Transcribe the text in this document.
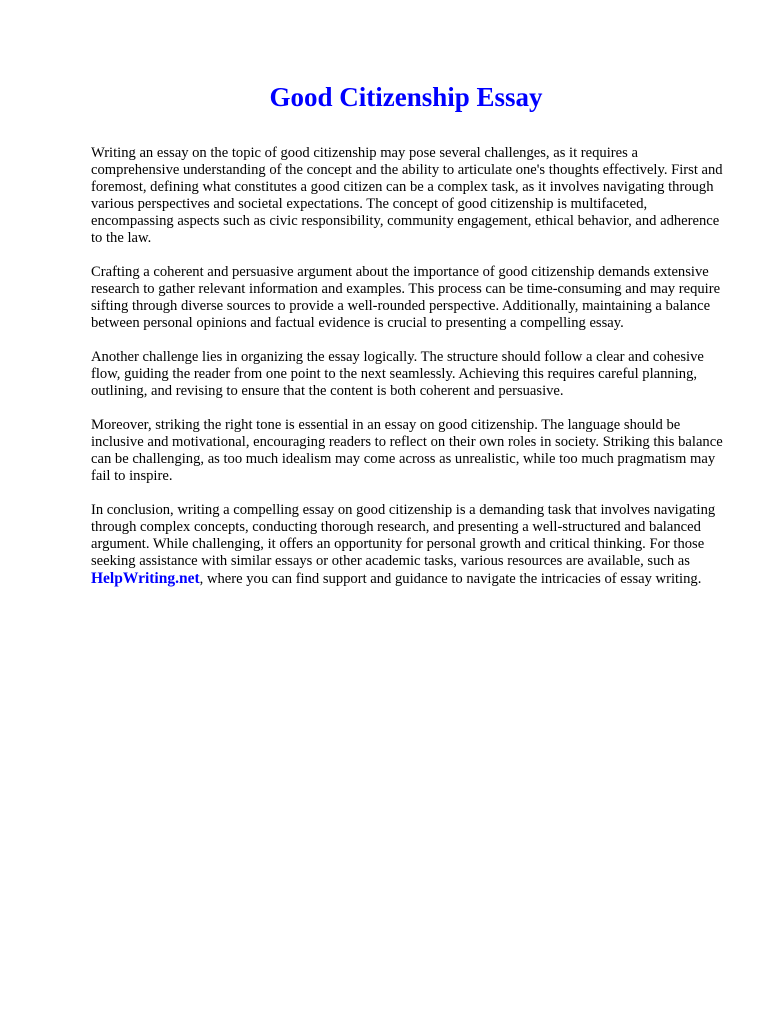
Good Citizenship Essay

Writing an essay on the topic of good citizenship may pose several challenges, as it requires a comprehensive understanding of the concept and the ability to articulate one's thoughts effectively. First and foremost, defining what constitutes a good citizen can be a complex task, as it involves navigating through various perspectives and societal expectations. The concept of good citizenship is multifaceted, encompassing aspects such as civic responsibility, community engagement, ethical behavior, and adherence to the law.

Crafting a coherent and persuasive argument about the importance of good citizenship demands extensive research to gather relevant information and examples. This process can be time-consuming and may require sifting through diverse sources to provide a well-rounded perspective. Additionally, maintaining a balance between personal opinions and factual evidence is crucial to presenting a compelling essay.

Another challenge lies in organizing the essay logically. The structure should follow a clear and cohesive flow, guiding the reader from one point to the next seamlessly. Achieving this requires careful planning, outlining, and revising to ensure that the content is both coherent and persuasive.

Moreover, striking the right tone is essential in an essay on good citizenship. The language should be inclusive and motivational, encouraging readers to reflect on their own roles in society. Striking this balance can be challenging, as too much idealism may come across as unrealistic, while too much pragmatism may fail to inspire.

In conclusion, writing a compelling essay on good citizenship is a demanding task that involves navigating through complex concepts, conducting thorough research, and presenting a well-structured and balanced argument. While challenging, it offers an opportunity for personal growth and critical thinking. For those seeking assistance with similar essays or other academic tasks, various resources are available, such as HelpWriting.net, where you can find support and guidance to navigate the intricacies of essay writing.
